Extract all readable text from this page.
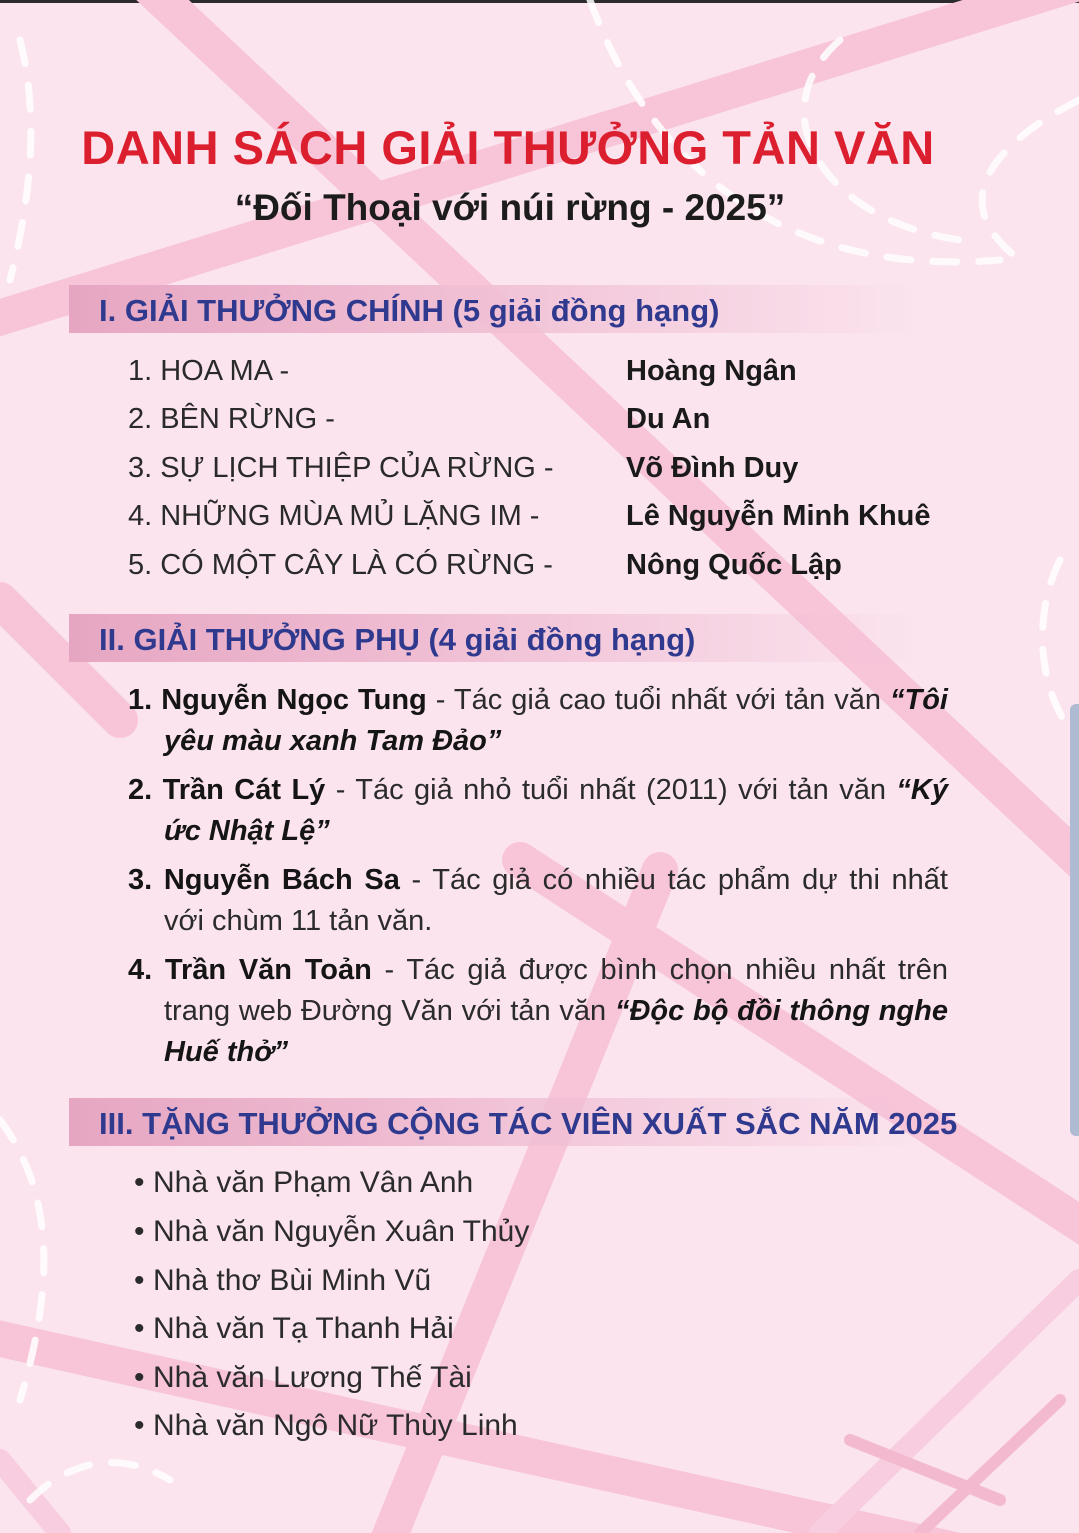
DANH SÁCH GIẢI THƯỞNG TẢN VĂN
“Đối Thoại với núi rừng - 2025”
I. GIẢI THƯỞNG CHÍNH (5 giải đồng hạng)
1. HOA MA -	Hoàng Ngân
2. BÊN RỪNG -	Du An
3. SỰ LỊCH THIỆP CỦA RỪNG - Võ Đình Duy
4. NHỮNG MÙA MỦ LẶNG IM -	Lê Nguyễn Minh Khuê
5. CÓ MỘT CÂY LÀ CÓ RỪNG -	Nông Quốc Lập
II. GIẢI THƯỞNG PHỤ (4 giải đồng hạng)
1. Nguyễn Ngọc Tung - Tác giả cao tuổi nhất với tản văn “Tôi yêu màu xanh Tam Đảo”
2. Trần Cát Lý - Tác giả nhỏ tuổi nhất (2011) với tản văn “Ký ức Nhật Lệ”
3. Nguyễn Bách Sa - Tác giả có nhiều tác phẩm dự thi nhất với chùm 11 tản văn.
4. Trần Văn Toản - Tác giả được bình chọn nhiều nhất trên trang web Đường Văn với tản văn “Độc bộ đồi thông nghe Huế thở”
III. TẶNG THƯỞNG CỘNG TÁC VIÊN XUẤT SẮC NĂM 2025
• Nhà văn Phạm Vân Anh
• Nhà văn Nguyễn Xuân Thủy
• Nhà thơ Bùi Minh Vũ
• Nhà văn Tạ Thanh Hải
• Nhà văn Lương Thế Tài
• Nhà văn Ngô Nữ Thùy Linh
